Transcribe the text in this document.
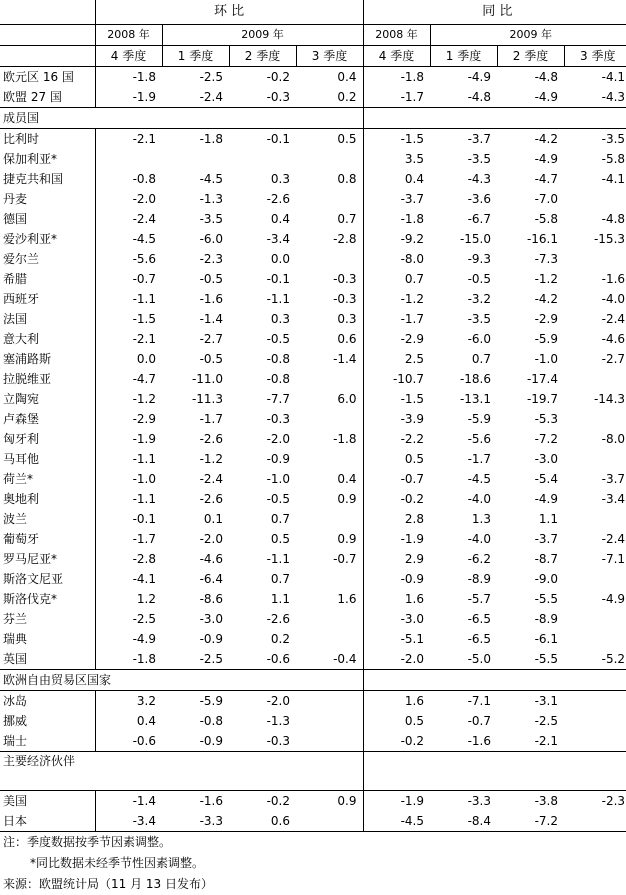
	环 比				同 比			
	2008 年	2009 年			2008 年	2009 年		
	4 季度	1 季度	2 季度	3 季度	4 季度	1 季度	2 季度	3 季度
欧元区 16 国	-1.8	-2.5	-0.2	0.4	-1.8	-4.9	-4.8	-4.1
欧盟 27 国	-1.9	-2.4	-0.3	0.2	-1.7	-4.8	-4.9	-4.3
成员国								
比利时	-2.1	-1.8	-0.1	0.5	-1.5	-3.7	-4.2	-3.5
保加利亚*					3.5	-3.5	-4.9	-5.8
捷克共和国	-0.8	-4.5	0.3	0.8	0.4	-4.3	-4.7	-4.1
丹麦	-2.0	-1.3	-2.6		-3.7	-3.6	-7.0	
德国	-2.4	-3.5	0.4	0.7	-1.8	-6.7	-5.8	-4.8
爱沙利亚*	-4.5	-6.0	-3.4	-2.8	-9.2	-15.0	-16.1	-15.3
爱尔兰	-5.6	-2.3	0.0		-8.0	-9.3	-7.3	
希腊	-0.7	-0.5	-0.1	-0.3	0.7	-0.5	-1.2	-1.6
西班牙	-1.1	-1.6	-1.1	-0.3	-1.2	-3.2	-4.2	-4.0
法国	-1.5	-1.4	0.3	0.3	-1.7	-3.5	-2.9	-2.4
意大利	-2.1	-2.7	-0.5	0.6	-2.9	-6.0	-5.9	-4.6
塞浦路斯	0.0	-0.5	-0.8	-1.4	2.5	0.7	-1.0	-2.7
拉脱维亚	-4.7	-11.0	-0.8		-10.7	-18.6	-17.4	
立陶宛	-1.2	-11.3	-7.7	6.0	-1.5	-13.1	-19.7	-14.3
卢森堡	-2.9	-1.7	-0.3		-3.9	-5.9	-5.3	
匈牙利	-1.9	-2.6	-2.0	-1.8	-2.2	-5.6	-7.2	-8.0
马耳他	-1.1	-1.2	-0.9		0.5	-1.7	-3.0	
荷兰*	-1.0	-2.4	-1.0	0.4	-0.7	-4.5	-5.4	-3.7
奥地利	-1.1	-2.6	-0.5	0.9	-0.2	-4.0	-4.9	-3.4
波兰	-0.1	0.1	0.7		2.8	1.3	1.1	
葡萄牙	-1.7	-2.0	0.5	0.9	-1.9	-4.0	-3.7	-2.4
罗马尼亚*	-2.8	-4.6	-1.1	-0.7	2.9	-6.2	-8.7	-7.1
斯洛文尼亚	-4.1	-6.4	0.7		-0.9	-8.9	-9.0	
斯洛伐克*	1.2	-8.6	1.1	1.6	1.6	-5.7	-5.5	-4.9
芬兰	-2.5	-3.0	-2.6		-3.0	-6.5	-8.9	
瑞典	-4.9	-0.9	0.2		-5.1	-6.5	-6.1	
英国	-1.8	-2.5	-0.6	-0.4	-2.0	-5.0	-5.5	-5.2
欧洲自由贸易区国家								
冰岛	3.2	-5.9	-2.0		1.6	-7.1	-3.1	
挪威	0.4	-0.8	-1.3		0.5	-0.7	-2.5	
瑞士	-0.6	-0.9	-0.3		-0.2	-1.6	-2.1	
主要经济伙伴								
美国	-1.4	-1.6	-0.2	0.9	-1.9	-3.3	-3.8	-2.3
日本	-3.4	-3.3	0.6		-4.5	-8.4	-7.2	
注：季度数据按季节因素调整。
*同比数据未经季节性因素调整。
来源：欧盟统计局（11 月 13 日发布）
